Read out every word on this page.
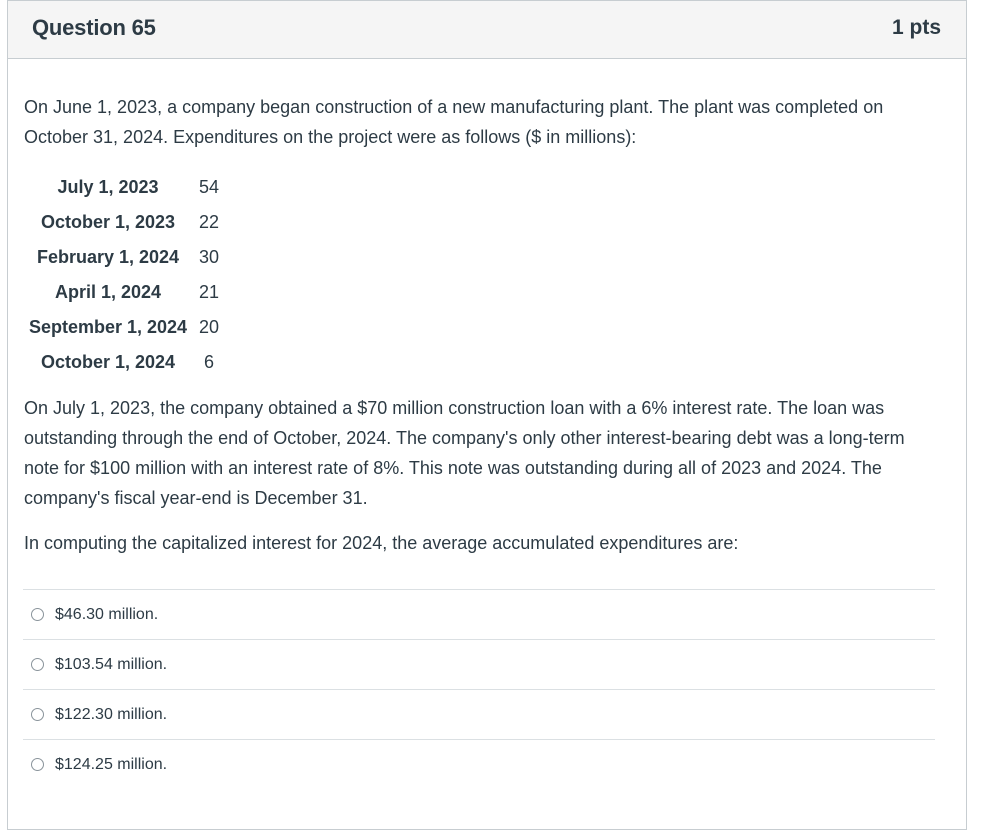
Question 65	1 pts

On June 1, 2023, a company began construction of a new manufacturing plant. The plant was completed on October 31, 2024. Expenditures on the project were as follows ($ in millions):

July 1, 2023	54
October 1, 2023	22
February 1, 2024	30
April 1, 2024	21
September 1, 2024	20
October 1, 2024	6

On July 1, 2023, the company obtained a $70 million construction loan with a 6% interest rate. The loan was outstanding through the end of October, 2024. The company's only other interest-bearing debt was a long-term note for $100 million with an interest rate of 8%. This note was outstanding during all of 2023 and 2024. The company's fiscal year-end is December 31.

In computing the capitalized interest for 2024, the average accumulated expenditures are:

$46.30 million.
$103.54 million.
$122.30 million.
$124.25 million.
